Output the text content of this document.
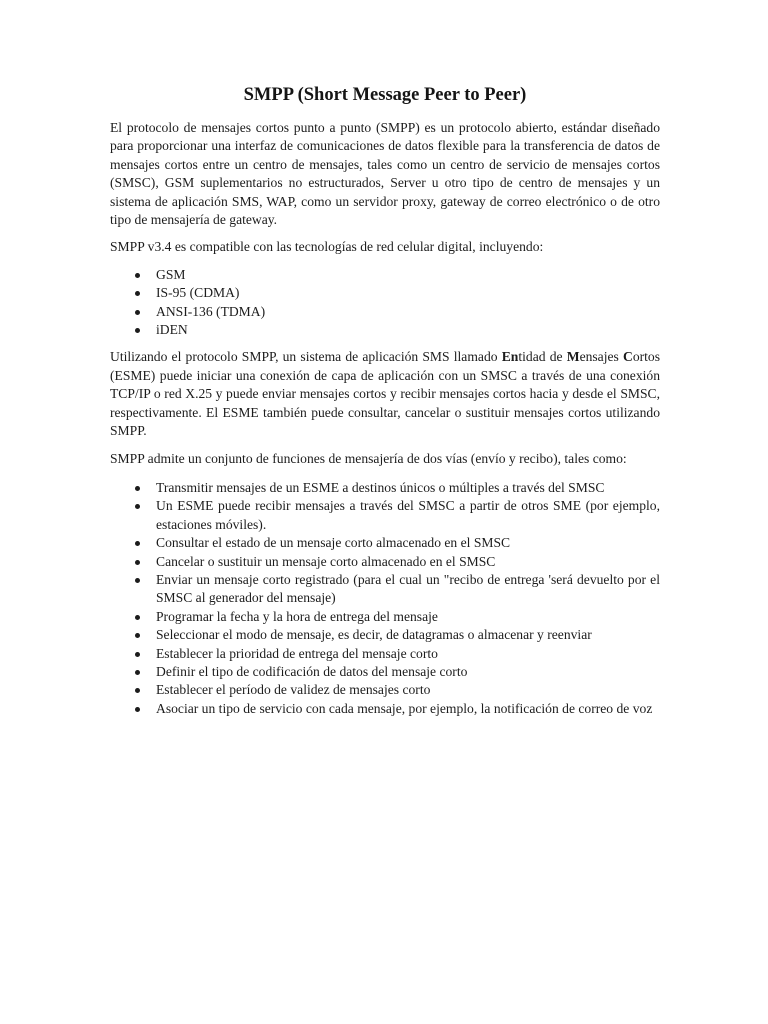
SMPP (Short Message Peer to Peer)

El protocolo de mensajes cortos punto a punto (SMPP) es un protocolo abierto, estándar diseñado para proporcionar una interfaz de comunicaciones de datos flexible para la transferencia de datos de mensajes cortos entre un centro de mensajes, tales como un centro de servicio de mensajes cortos (SMSC), GSM suplementarios no estructurados, Server u otro tipo de centro de mensajes y un sistema de aplicación SMS, WAP, como un servidor proxy, gateway de correo electrónico o de otro tipo de mensajería de gateway.

SMPP v3.4 es compatible con las tecnologías de red celular digital, incluyendo:

GSM
IS-95 (CDMA)
ANSI-136 (TDMA)
iDEN

Utilizando el protocolo SMPP, un sistema de aplicación SMS llamado Entidad de Mensajes Cortos (ESME) puede iniciar una conexión de capa de aplicación con un SMSC a través de una conexión TCP/IP o red X.25 y puede enviar mensajes cortos y recibir mensajes cortos hacia y desde el SMSC, respectivamente. El ESME también puede consultar, cancelar o sustituir mensajes cortos utilizando SMPP.

SMPP admite un conjunto de funciones de mensajería de dos vías (envío y recibo), tales como:

Transmitir mensajes de un ESME a destinos únicos o múltiples a través del SMSC
Un ESME puede recibir mensajes a través del SMSC a partir de otros SME (por ejemplo, estaciones móviles).
Consultar el estado de un mensaje corto almacenado en el SMSC
Cancelar o sustituir un mensaje corto almacenado en el SMSC
Enviar un mensaje corto registrado (para el cual un "recibo de entrega 'será devuelto por el SMSC al generador del mensaje)
Programar la fecha y la hora de entrega del mensaje
Seleccionar el modo de mensaje, es decir, de datagramas o almacenar y reenviar
Establecer la prioridad de entrega del mensaje corto
Definir el tipo de codificación de datos del mensaje corto
Establecer el período de validez de mensajes corto
Asociar un tipo de servicio con cada mensaje, por ejemplo, la notificación de correo de voz
